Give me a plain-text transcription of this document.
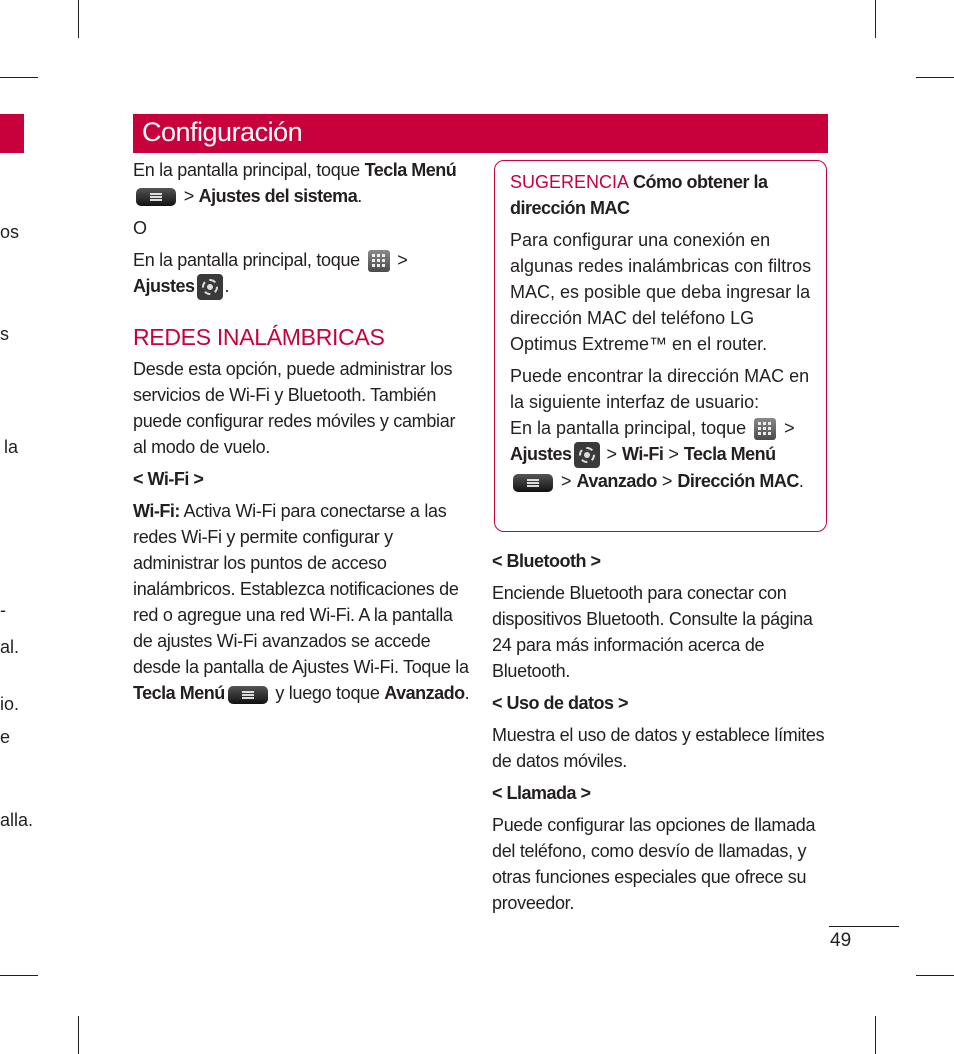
os
s
la
-
al.
io.
e
alla.
Configuración

En la pantalla principal, toque Tecla Menú
> Ajustes del sistema.

O

En la pantalla principal, toque  >
Ajustes .

REDES INALÁMBRICAS

Desde esta opción, puede administrar los servicios de Wi-Fi y Bluetooth. También puede configurar redes móviles y cambiar al modo de vuelo.

< Wi-Fi >

Wi-Fi: Activa Wi-Fi para conectarse a las redes Wi-Fi y permite configurar y administrar los puntos de acceso inalámbricos. Establezca notificaciones de red o agregue una red Wi-Fi. A la pantalla de ajustes Wi-Fi avanzados se accede desde la pantalla de Ajustes Wi-Fi. Toque la Tecla Menú	y luego toque Avanzado.

SUGERENCIA Cómo obtener la dirección MAC
Para configurar una conexión en algunas redes inalámbricas con filtros MAC, es posible que deba ingresar la dirección MAC del teléfono LG Optimus Extreme™ en el router.
Puede encontrar la dirección MAC en la siguiente interfaz de usuario:
En la pantalla principal, toque  > Ajustes > Wi-Fi > Tecla Menú
> Avanzado > Dirección MAC.

< Bluetooth >

Enciende Bluetooth para conectar con dispositivos Bluetooth. Consulte la página 24 para más información acerca de Bluetooth.

< Uso de datos >

Muestra el uso de datos y establece límites de datos móviles.

< Llamada >

Puede configurar las opciones de llamada del teléfono, como desvío de llamadas, y otras funciones especiales que ofrece su proveedor.

49
